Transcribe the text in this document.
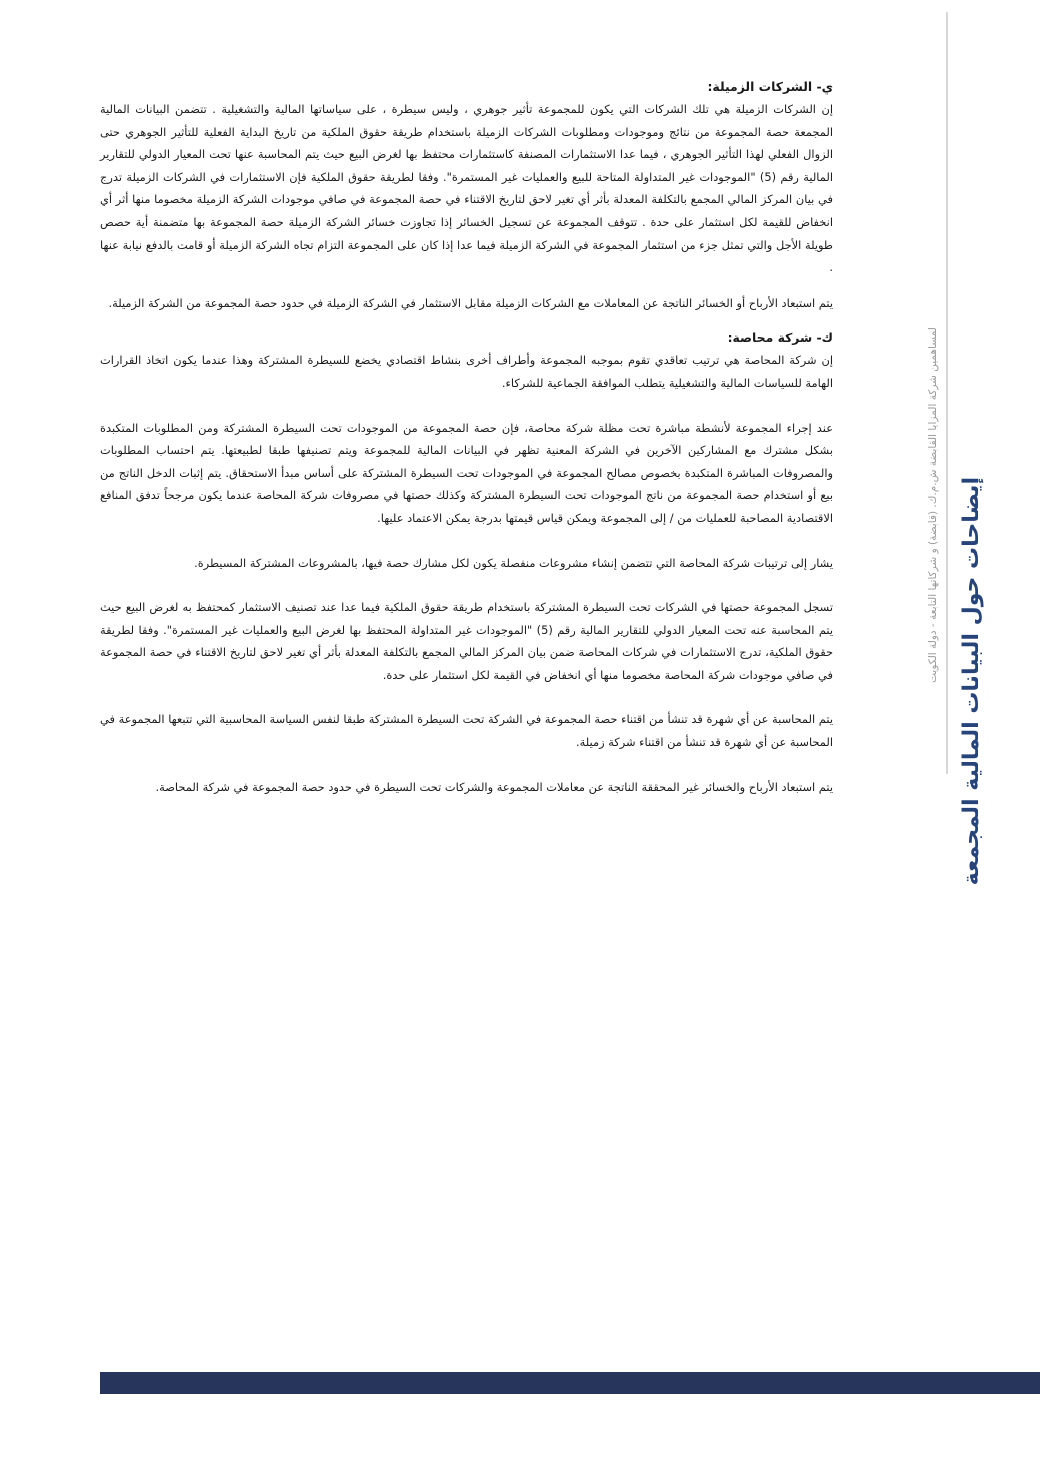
ي- الشركات الزميلة:

إن الشركات الزميلة هي تلك الشركات التي يكون للمجموعة تأثير جوهري ، وليس سيطرة ، على سياساتها المالية والتشغيلية . تتضمن البيانات المالية المجمعة حصة المجموعة من نتائج وموجودات ومطلوبات الشركات الزميلة باستخدام طريقة حقوق الملكية من تاريخ البداية الفعلية للتأثير الجوهري حتى الزوال الفعلي لهذا التأثير الجوهري ، فيما عدا الاستثمارات المصنفة كاستثمارات محتفظ بها لغرض البيع حيث يتم المحاسبة عنها تحت المعيار الدولي للتقارير المالية رقم (5) "الموجودات غير المتداولة المتاحة للبيع والعمليات غير المستمرة". وفقا لطريقة حقوق الملكية فإن الاستثمارات في الشركات الزميلة تدرج في بيان المركز المالي المجمع بالتكلفة المعدلة بأثر أي تغير لاحق لتاريخ الاقتناء في حصة المجموعة في صافي موجودات الشركة الزميلة مخصوما منها أثر أي انخفاض للقيمة لكل استثمار على حدة . تتوقف المجموعة عن تسجيل الخسائر إذا تجاوزت خسائر الشركة الزميلة حصة المجموعة بها متضمنة أية حصص طويلة الأجل والتي تمثل جزء من استثمار المجموعة في الشركة الزميلة فيما عدا إذا كان على المجموعة التزام تجاه الشركة الزميلة أو قامت بالدفع نيابة عنها .

يتم استبعاد الأرباح أو الخسائر الناتجة عن المعاملات مع الشركات الزميلة مقابل الاستثمار في الشركة الزميلة في حدود حصة المجموعة من الشركة الزميلة.

ك- شركة محاصة:

إن شركة المحاصة هي ترتيب تعاقدي تقوم بموجبه المجموعة وأطراف أخرى بنشاط اقتصادي يخضع للسيطرة المشتركة وهذا عندما يكون اتخاذ القرارات الهامة للسياسات المالية والتشغيلية يتطلب الموافقة الجماعية للشركاء.

عند إجراء المجموعة لأنشطة مباشرة تحت مظلة شركة محاصة، فإن حصة المجموعة من الموجودات تحت السيطرة المشتركة ومن المطلوبات المتكبدة بشكل مشترك مع المشاركين الآخرين في الشركة المعنية تظهر في البيانات المالية للمجموعة ويتم تصنيفها طبقا لطبيعتها. يتم احتساب المطلوبات والمصروفات المباشرة المتكبدة بخصوص مصالح المجموعة في الموجودات تحت السيطرة المشتركة على أساس مبدأ الاستحقاق. يتم إثبات الدخل الناتج من بيع أو استخدام حصة المجموعة من ناتج الموجودات تحت السيطرة المشتركة وكذلك حصتها في مصروفات شركة المحاصة عندما يكون مرجحاً تدفق المنافع الاقتصادية المصاحبة للعمليات من / إلى المجموعة ويمكن قياس قيمتها بدرجة يمكن الاعتماد عليها.

يشار إلى ترتيبات شركة المحاصة التي تتضمن إنشاء مشروعات منفصلة يكون لكل مشارك حصة فيها، بالمشروعات المشتركة المسيطرة.

تسجل المجموعة حصتها في الشركات تحت السيطرة المشتركة باستخدام طريقة حقوق الملكية فيما عدا عند تصنيف الاستثمار كمحتفظ به لغرض البيع حيث يتم المحاسبة عنه تحت المعيار الدولي للتقارير المالية رقم (5) "الموجودات غير المتداولة المحتفظ بها لغرض البيع والعمليات غير المستمرة". وفقا لطريقة حقوق الملكية، تدرج الاستثمارات في شركات المحاصة ضمن بيان المركز المالي المجمع بالتكلفة المعدلة بأثر أي تغير لاحق لتاريخ الاقتناء في حصة المجموعة في صافي موجودات شركة المحاصة مخصوما منها أي انخفاض في القيمة لكل استثمار على حدة.

يتم المحاسبة عن أي شهرة قد تنشأ من اقتناء حصة المجموعة في الشركة تحت السيطرة المشتركة طبقا لنفس السياسة المحاسبية التي تتبعها المجموعة في المحاسبة عن أي شهرة قد تنشأ من اقتناء شركة زميلة.

يتم استبعاد الأرباح والخسائر غير المحققة الناتجة عن معاملات المجموعة والشركات تحت السيطرة في حدود حصة المجموعة في شركة المحاصة.	إيضاحات حول البيانات المالية المجمعة
لمساهمين شركة المزايا القابضة ش.م.ك. (قابضة) و شركاتها التابعة - دولة الكويت
